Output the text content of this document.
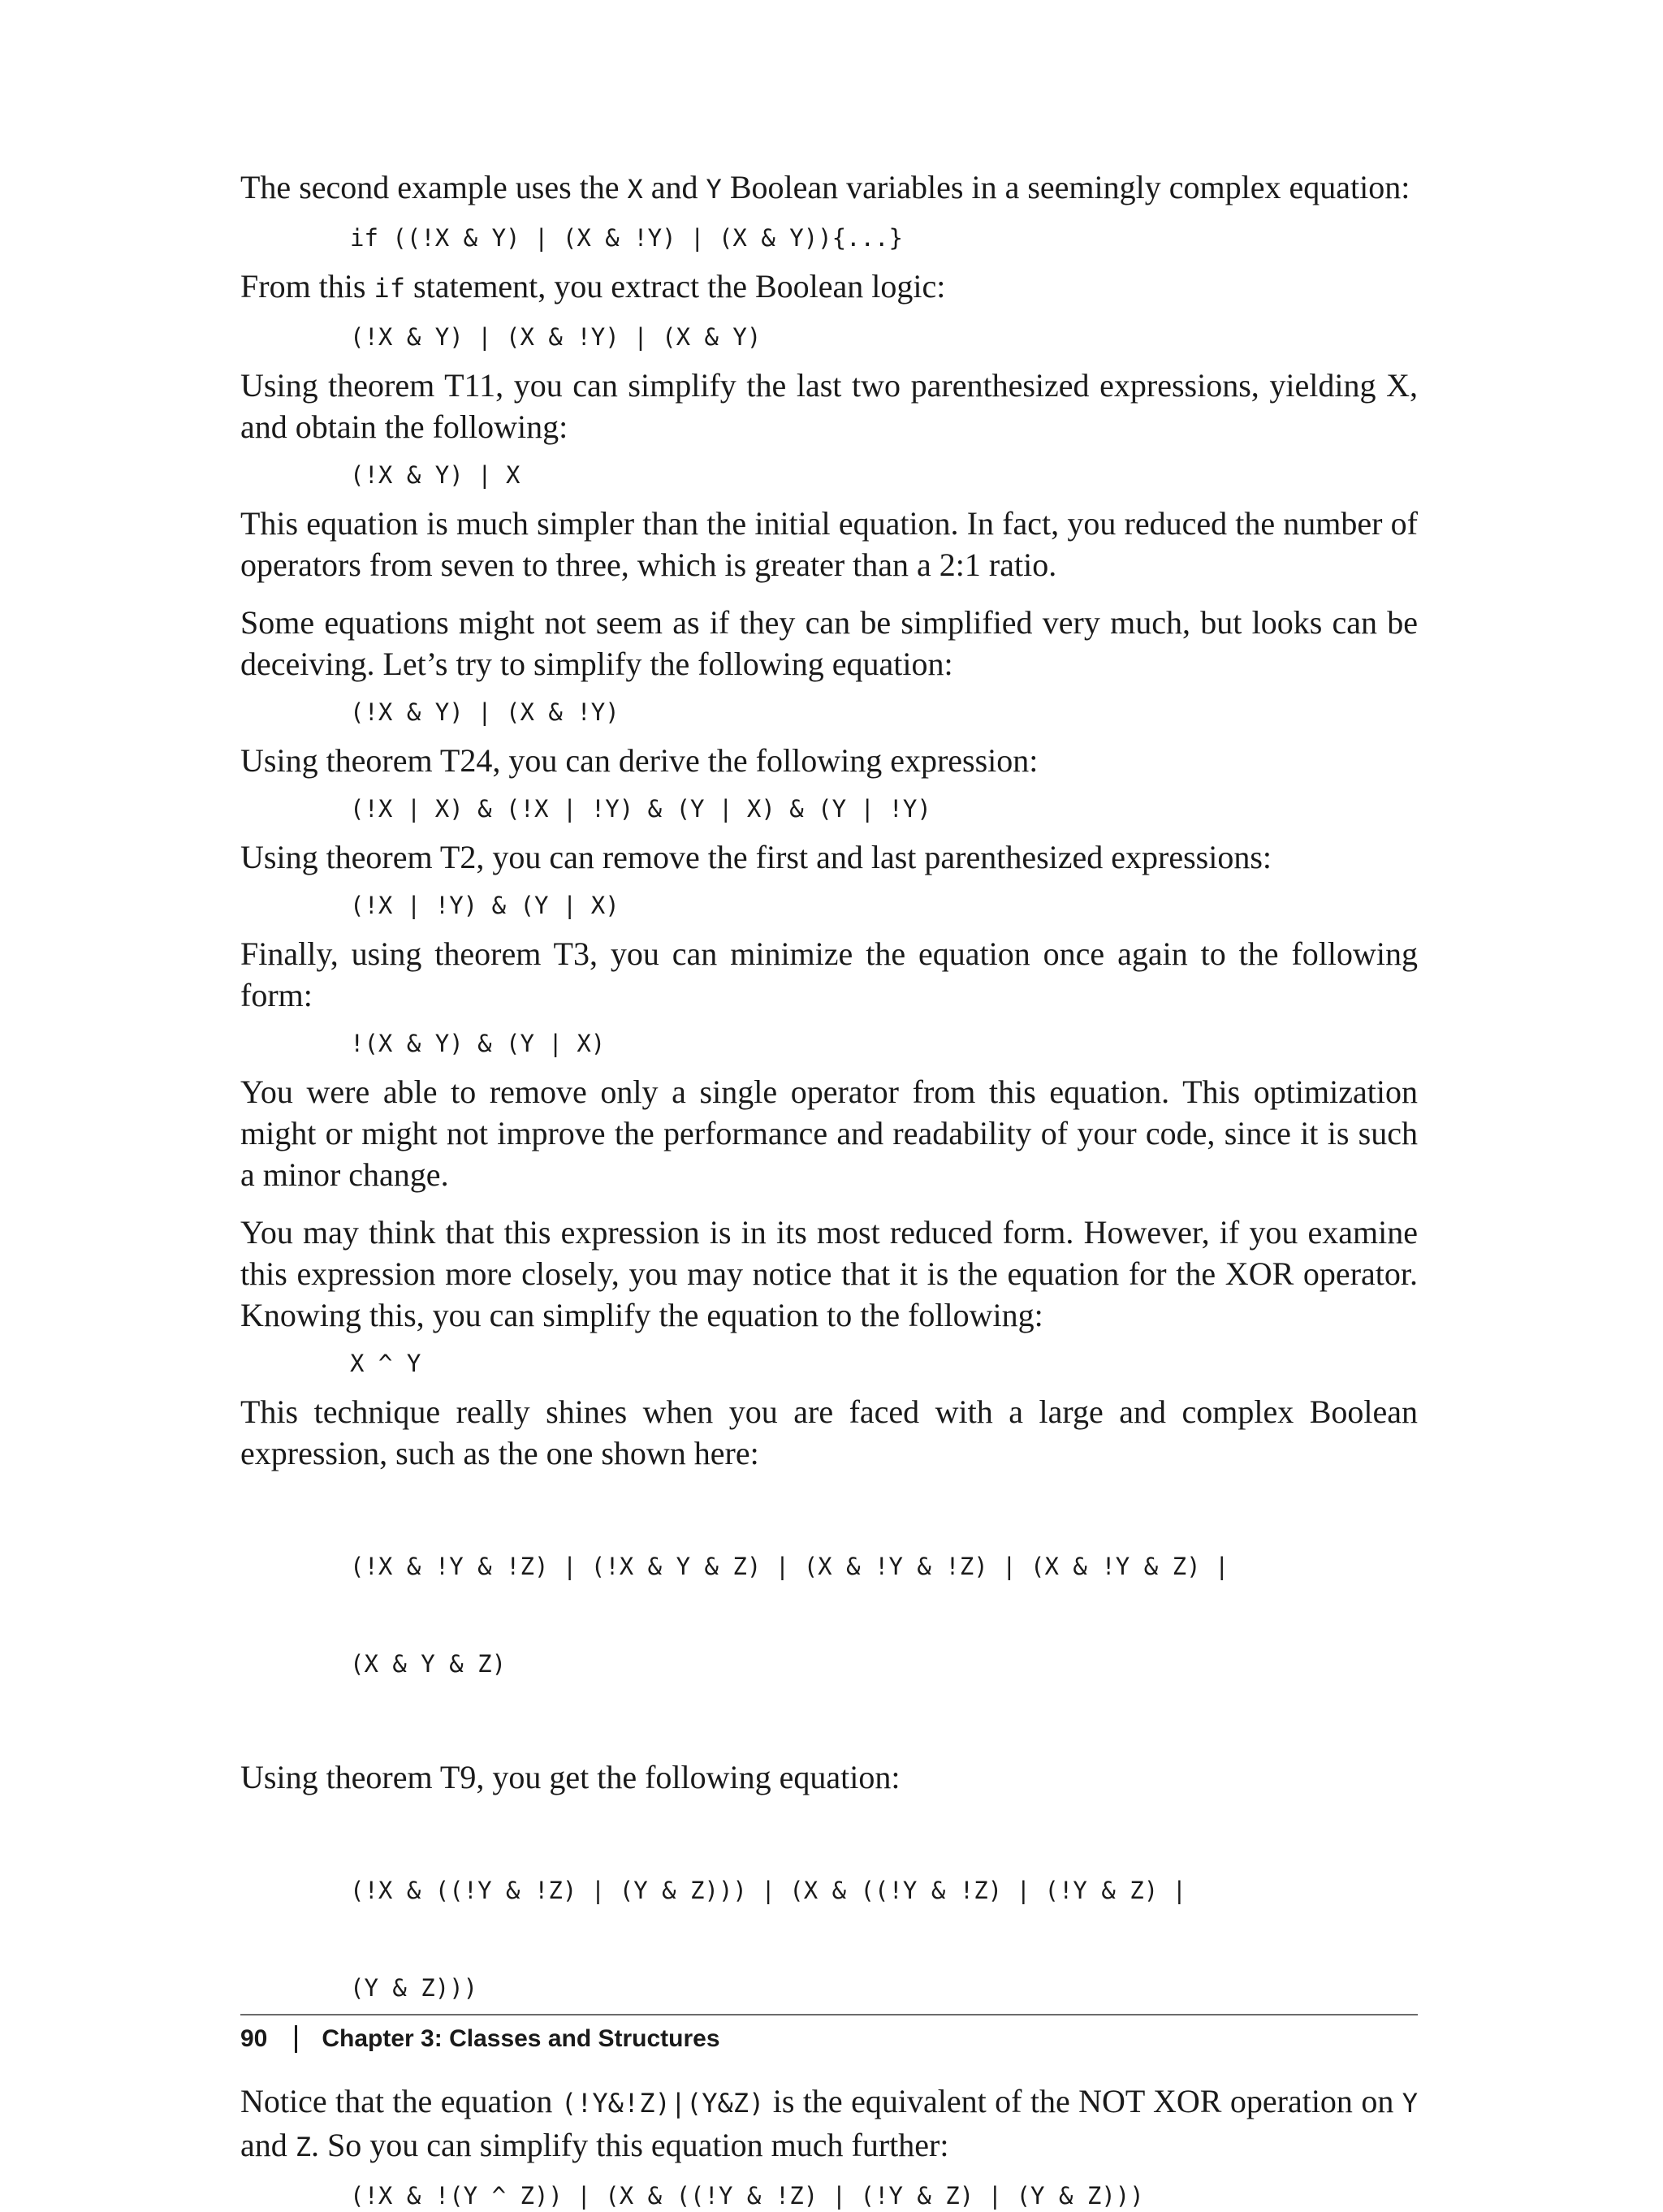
The second example uses the X and Y Boolean variables in a seemingly complex equation:

if ((!X & Y) | (X & !Y) | (X & Y)){...}

From this if statement, you extract the Boolean logic:

(!X & Y) | (X & !Y) | (X & Y)

Using theorem T11, you can simplify the last two parenthesized expressions, yielding X, and obtain the following:

(!X & Y) | X

This equation is much simpler than the initial equation. In fact, you reduced the number of operators from seven to three, which is greater than a 2:1 ratio.

Some equations might not seem as if they can be simplified very much, but looks can be deceiving. Let’s try to simplify the following equation:

(!X & Y) | (X & !Y)

Using theorem T24, you can derive the following expression:

(!X | X) & (!X | !Y) & (Y | X) & (Y | !Y)

Using theorem T2, you can remove the first and last parenthesized expressions:

(!X | !Y) & (Y | X)

Finally, using theorem T3, you can minimize the equation once again to the following form:

!(X & Y) & (Y | X)

You were able to remove only a single operator from this equation. This optimization might or might not improve the performance and readability of your code, since it is such a minor change.

You may think that this expression is in its most reduced form. However, if you examine this expression more closely, you may notice that it is the equation for the XOR operator. Knowing this, you can simplify the equation to the following:

X ^ Y

This technique really shines when you are faced with a large and complex Boolean expression, such as the one shown here:

(!X & !Y & !Z) | (!X & Y & Z) | (X & !Y & !Z) | (X & !Y & Z) |

(X & Y & Z)

Using theorem T9, you get the following equation:

(!X & ((!Y & !Z) | (Y & Z))) | (X & ((!Y & !Z) | (!Y & Z) |

(Y & Z)))

Notice that the equation (!Y&!Z)|(Y&Z) is the equivalent of the NOT XOR operation on Y and Z. So you can simplify this equation much further:

(!X & !(Y ^ Z)) | (X & ((!Y & !Z) | (!Y & Z) | (Y & Z)))
90 Chapter 3: Classes and Structures
